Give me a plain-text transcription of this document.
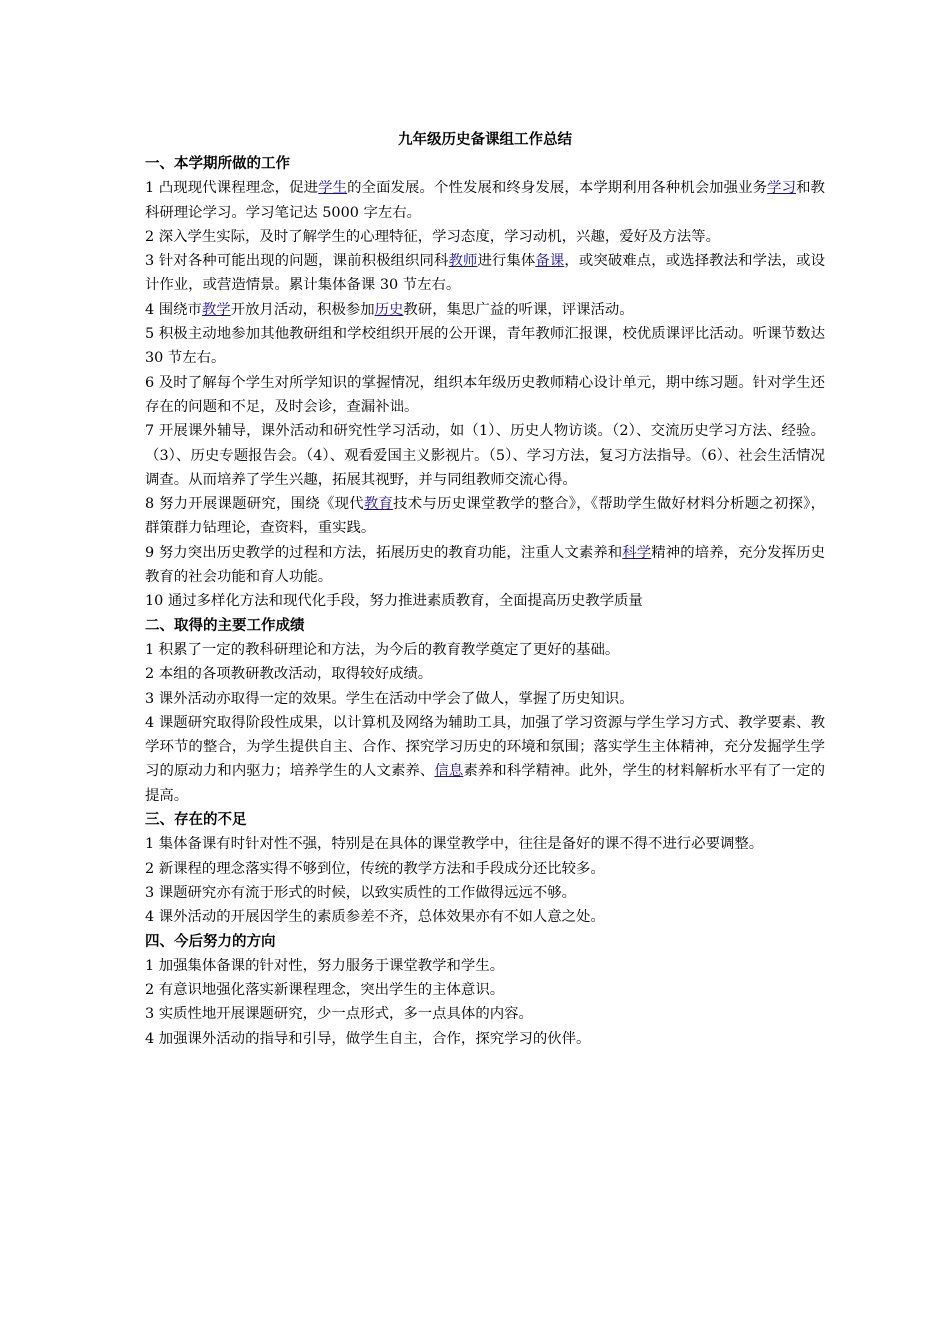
九年级历史备课组工作总结

一、本学期所做的工作

1 凸现现代课程理念，促进学生的全面发展。个性发展和终身发展，本学期利用各种机会加强业务学习和教科研理论学习。学习笔记达 5000 字左右。

2 深入学生实际，及时了解学生的心理特征，学习态度，学习动机，兴趣，爱好及方法等。

3 针对各种可能出现的问题，课前积极组织同科教师进行集体备课，或突破难点，或选择教法和学法，或设计作业，或营造情景。累计集体备课 30 节左右。

4 围绕市教学开放月活动，积极参加历史教研，集思广益的听课，评课活动。

5 积极主动地参加其他教研组和学校组织开展的公开课，青年教师汇报课，校优质课评比活动。听课节数达 30 节左右。

6 及时了解每个学生对所学知识的掌握情况，组织本年级历史教师精心设计单元，期中练习题。针对学生还存在的问题和不足，及时会诊，查漏补诎。

7 开展课外辅导，课外活动和研究性学习活动，如（1）、历史人物访谈。（2）、交流历史学习方法、经验。（3）、历史专题报告会。（4）、观看爱国主义影视片。（5）、学习方法，复习方法指导。（6）、社会生活情况调查。从而培养了学生兴趣，拓展其视野，并与同组教师交流心得。

8 努力开展课题研究，围绕《现代教育技术与历史课堂教学的整合》，《帮助学生做好材料分析题之初探》，群策群力钻理论，查资料，重实践。

9 努力突出历史教学的过程和方法，拓展历史的教育功能，注重人文素养和科学精神的培养，充分发挥历史教育的社会功能和育人功能。

10 通过多样化方法和现代化手段，努力推进素质教育，全面提高历史教学质量

二、取得的主要工作成绩

1 积累了一定的教科研理论和方法，为今后的教育教学奠定了更好的基础。

2 本组的各项教研教改活动，取得较好成绩。

3 课外活动亦取得一定的效果。学生在活动中学会了做人，掌握了历史知识。

4 课题研究取得阶段性成果，以计算机及网络为辅助工具，加强了学习资源与学生学习方式、教学要素、教学环节的整合，为学生提供自主、合作、探究学习历史的环境和氛围；落实学生主体精神，充分发掘学生学习的原动力和内驱力；培养学生的人文素养、信息素养和科学精神。此外，学生的材料解析水平有了一定的提高。

三、存在的不足

1 集体备课有时针对性不强，特别是在具体的课堂教学中，往往是备好的课不得不进行必要调整。

2 新课程的理念落实得不够到位，传统的教学方法和手段成分还比较多。

3 课题研究亦有流于形式的时候，以致实质性的工作做得远远不够。

4 课外活动的开展因学生的素质参差不齐，总体效果亦有不如人意之处。

四、今后努力的方向

1 加强集体备课的针对性，努力服务于课堂教学和学生。

2 有意识地强化落实新课程理念，突出学生的主体意识。

3 实质性地开展课题研究，少一点形式，多一点具体的内容。

4 加强课外活动的指导和引导，做学生自主，合作，探究学习的伙伴。
